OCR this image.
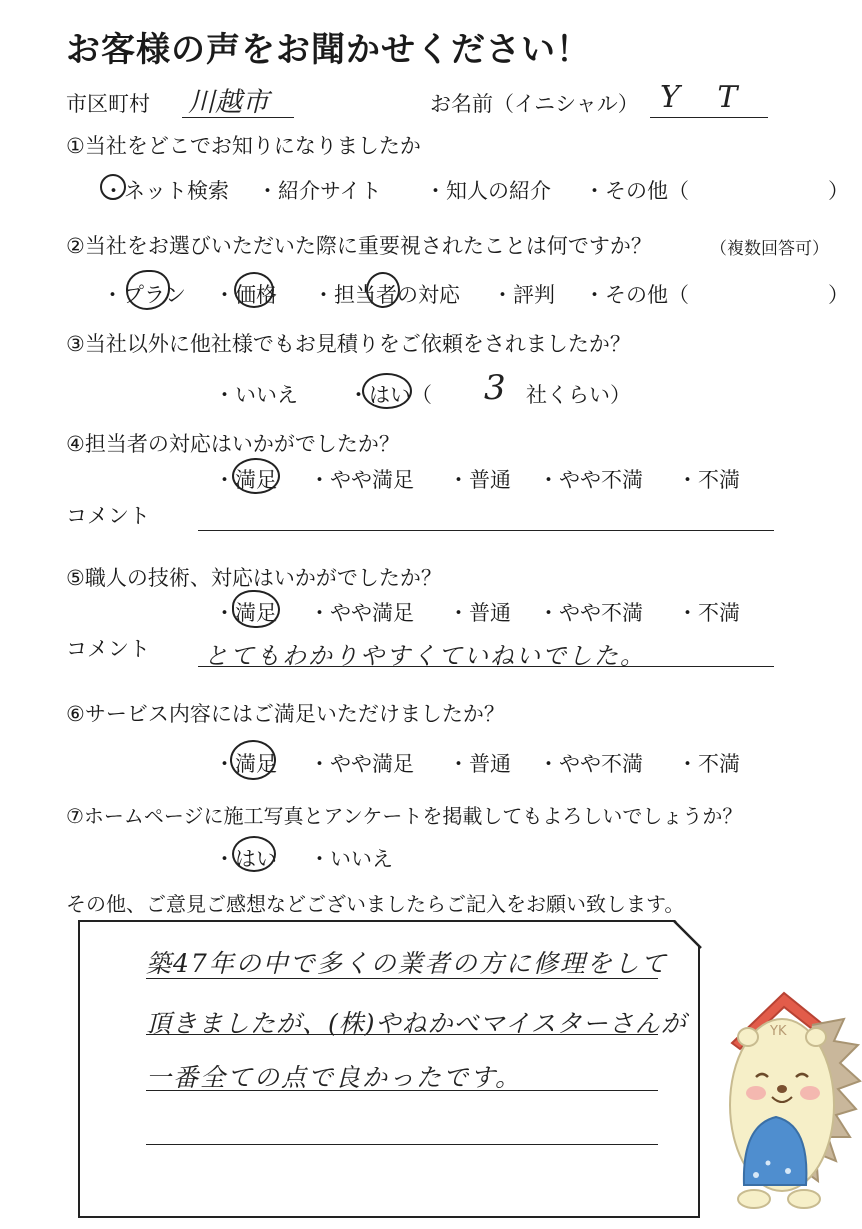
お客様の声をお聞かせください！
市区町村 川越市	お名前（イニシャル） Y T
①当社をどこでお知りになりましたか
・ネット検索 ・紹介サイト ・知人の紹介 ・その他（	）
②当社をお選びいただいた際に重要視されたことは何ですか？	（複数回答可）
・プラン ・価格 ・担当者の対応 ・評判 ・その他（	）
③当社以外に他社様でもお見積りをご依頼をされましたか？
・いいえ ・はい（ 3 社くらい）
④担当者の対応はいかがでしたか？
・満足 ・やや満足 ・普通 ・やや不満 ・不満
コメント
⑤職人の技術、対応はいかがでしたか？
・満足 ・やや満足 ・普通 ・やや不満 ・不満
コメント とてもわかりやすくていねいでした。
⑥サービス内容にはご満足いただけましたか？
・満足 ・やや満足 ・普通 ・やや不満 ・不満
⑦ホームページに施工写真とアンケートを掲載してもよろしいでしょうか？
・はい ・いいえ
その他、ご意見ご感想などございましたらご記入をお願い致します。
築47年の中で多くの業者の方に修理をして
頂きましたが、(株)やねかべマイスターさんが
一番全ての点で良かったです。
YK
